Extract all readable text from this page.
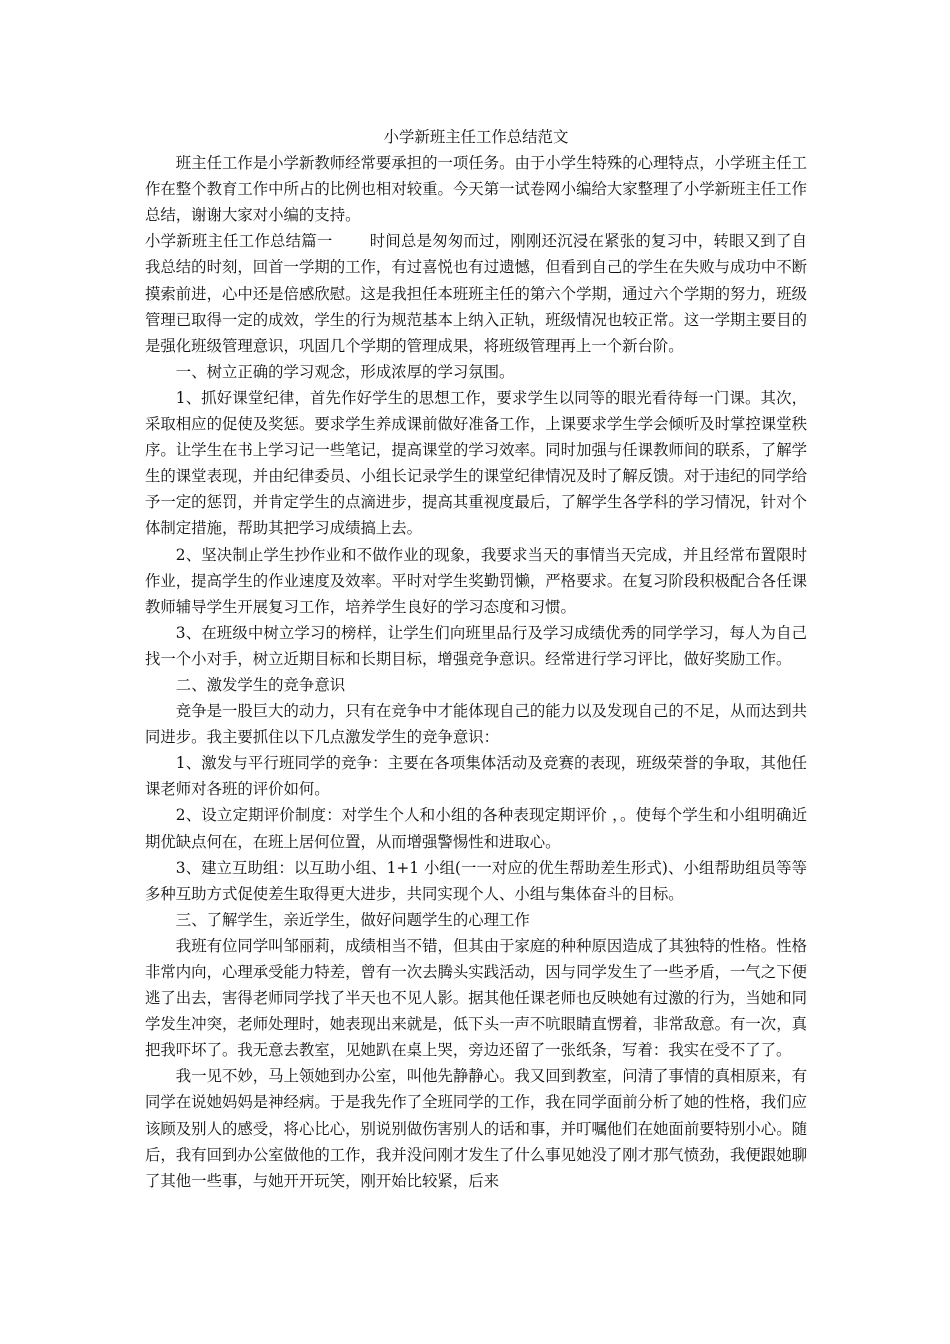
小学新班主任工作总结范文

班主任工作是小学新教师经常要承担的一项任务。由于小学生特殊的心理特点，小学班主任工作在整个教育工作中所占的比例也相对较重。今天第一试卷网小编给大家整理了小学新班主任工作总结，谢谢大家对小编的支持。

小学新班主任工作总结篇一 时间总是匆匆而过，刚刚还沉浸在紧张的复习中，转眼又到了自我总结的时刻，回首一学期的工作，有过喜悦也有过遗憾，但看到自己的学生在失败与成功中不断摸索前进，心中还是倍感欣慰。这是我担任本班班主任的第六个学期，通过六个学期的努力，班级管理已取得一定的成效，学生的行为规范基本上纳入正轨，班级情况也较正常。这一学期主要目的是强化班级管理意识，巩固几个学期的管理成果，将班级管理再上一个新台阶。

一、树立正确的学习观念，形成浓厚的学习氛围。

1、抓好课堂纪律，首先作好学生的思想工作，要求学生以同等的眼光看待每一门课。其次，采取相应的促使及奖惩。要求学生养成课前做好准备工作，上课要求学生学会倾听及时掌控课堂秩序。让学生在书上学习记一些笔记，提高课堂的学习效率。同时加强与任课教师间的联系，了解学生的课堂表现，并由纪律委员、小组长记录学生的课堂纪律情况及时了解反馈。对于违纪的同学给予一定的惩罚，并肯定学生的点滴进步，提高其重视度最后，了解学生各学科的学习情况，针对个体制定措施，帮助其把学习成绩搞上去。

2、坚决制止学生抄作业和不做作业的现象，我要求当天的事情当天完成，并且经常布置限时作业，提高学生的作业速度及效率。平时对学生奖勤罚懒，严格要求。在复习阶段积极配合各任课教师辅导学生开展复习工作，培养学生良好的学习态度和习惯。

3、在班级中树立学习的榜样，让学生们向班里品行及学习成绩优秀的同学学习，每人为自己找一个小对手，树立近期目标和长期目标，增强竞争意识。经常进行学习评比，做好奖励工作。

二、激发学生的竞争意识

竞争是一股巨大的动力，只有在竞争中才能体现自己的能力以及发现自己的不足，从而达到共同进步。我主要抓住以下几点激发学生的竞争意识：

1、激发与平行班同学的竞争：主要在各项集体活动及竞赛的表现，班级荣誉的争取，其他任课老师对各班的评价如何。

2、设立定期评价制度：对学生个人和小组的各种表现定期评价 ，。使每个学生和小组明确近期优缺点何在，在班上居何位置，从而增强警惕性和进取心。

3、建立互助组：以互助小组、1+1 小组(一一对应的优生帮助差生形式)、小组帮助组员等等多种互助方式促使差生取得更大进步，共同实现个人、小组与集体奋斗的目标。

三、了解学生，亲近学生，做好问题学生的心理工作

我班有位同学叫邹丽莉，成绩相当不错，但其由于家庭的种种原因造成了其独特的性格。性格非常内向，心理承受能力特差，曾有一次去腾头实践活动，因与同学发生了一些矛盾，一气之下便逃了出去，害得老师同学找了半天也不见人影。据其他任课老师也反映她有过激的行为，当她和同学发生冲突，老师处理时，她表现出来就是，低下头一声不吭眼睛直愣着，非常敌意。有一次，真把我吓坏了。我无意去教室，见她趴在桌上哭，旁边还留了一张纸条，写着：我实在受不了了。

我一见不妙，马上领她到办公室，叫他先静静心。我又回到教室，问清了事情的真相原来，有同学在说她妈妈是神经病。于是我先作了全班同学的工作，我在同学面前分析了她的性格，我们应该顾及别人的感受，将心比心，别说别做伤害别人的话和事，并叮嘱他们在她面前要特别小心。随后，我有回到办公室做他的工作，我并没问刚才发生了什么事见她没了刚才那气愤劲，我便跟她聊了其他一些事，与她开开玩笑，刚开始比较紧，后来
